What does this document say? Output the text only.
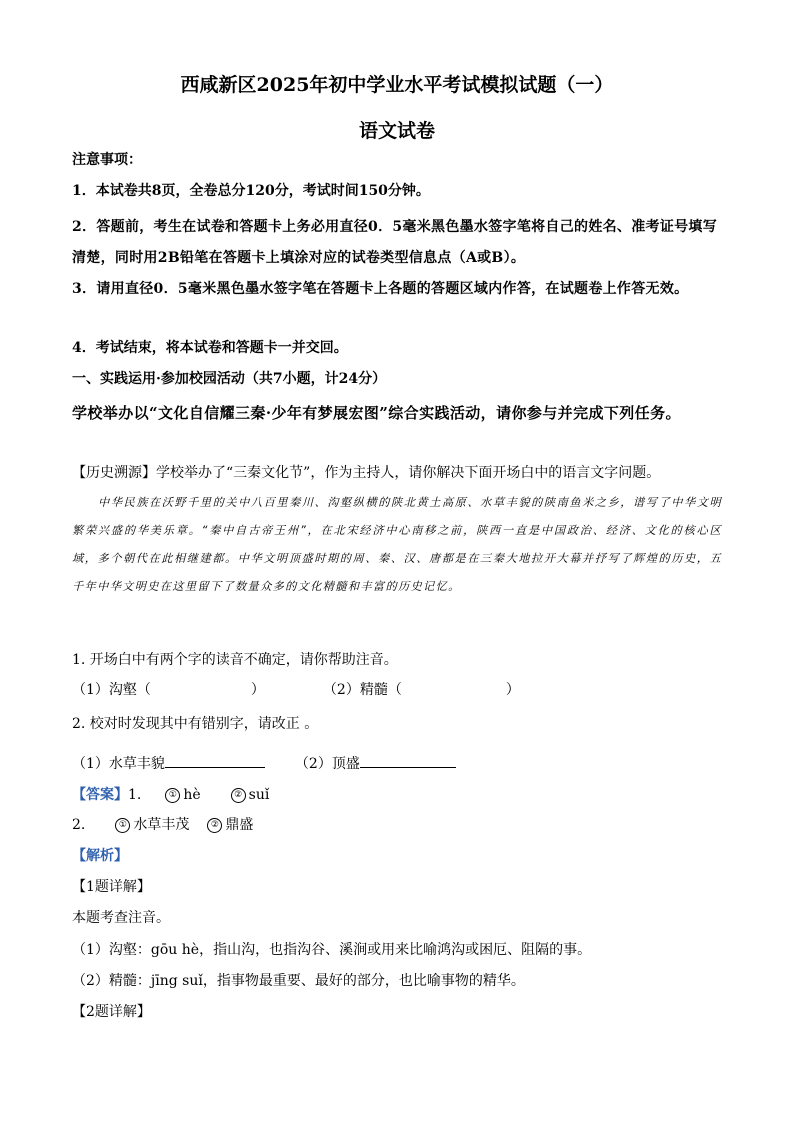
西咸新区2025年初中学业水平考试模拟试题（一）
语文试卷
注意事项：
1．本试卷共8页，全卷总分120分，考试时间150分钟。
2．答题前，考生在试卷和答题卡上务必用直径0．5毫米黑色墨水签字笔将自己的姓名、准考证号填写清楚，同时用2B铅笔在答题卡上填涂对应的试卷类型信息点（A或B）。
3．请用直径0．5毫米黑色墨水签字笔在答题卡上各题的答题区域内作答，在试题卷上作答无效。
4．考试结束，将本试卷和答题卡一并交回。
一、实践运用·参加校园活动（共7小题，计24分）
学校举办以“文化自信耀三秦·少年有梦展宏图”综合实践活动，请你参与并完成下列任务。
【历史溯源】学校举办了“三秦文化节”，作为主持人，请你解决下面开场白中的语言文字问题。
中华民族在沃野千里的关中八百里秦川、沟壑纵横的陕北黄土高原、水草丰貌的陕南鱼米之乡，谱写了中华文明繁荣兴盛的华美乐章。“秦中自古帝王州”，在北宋经济中心南移之前，陕西一直是中国政治、经济、文化的核心区域，多个朝代在此相继建都。中华文明顶盛时期的周、秦、汉、唐都是在三秦大地拉开大幕并抒写了辉煌的历史，五千年中华文明史在这里留下了数量众多的文化精髓和丰富的历史记忆。
1. 开场白中有两个字的读音不确定，请你帮助注音。
（1）沟壑（	）	（2）精髓（	）
2. 校对时发现其中有错别字，请改正 。
（1）水草丰貌	（2）顶盛
【答案】1.	① hè	② suǐ
2.	① 水草丰茂 ② 鼎盛
【解析】
【1题详解】
本题考查注音。
（1）沟壑：gōu hè，指山沟，也指沟谷、溪涧或用来比喻鸿沟或困厄、阻隔的事。
（2）精髓：jīng suǐ，指事物最重要、最好的部分，也比喻事物的精华。
【2题详解】
